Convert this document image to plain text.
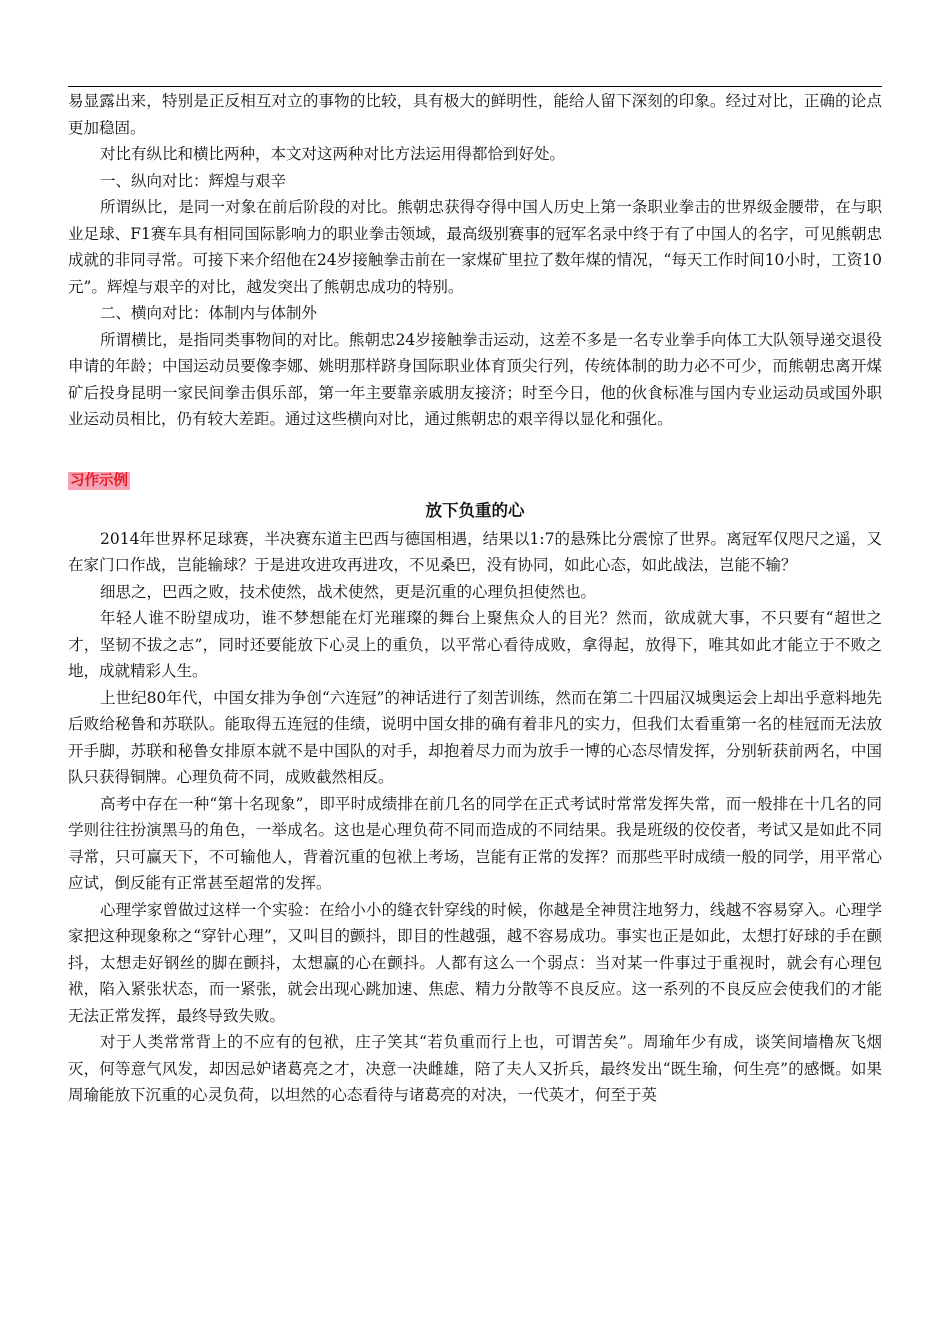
易显露出来，特别是正反相互对立的事物的比较，具有极大的鲜明性，能给人留下深刻的印象。经过对比，正确的论点更加稳固。

对比有纵比和横比两种，本文对这两种对比方法运用得都恰到好处。

一、纵向对比：辉煌与艰辛

所谓纵比，是同一对象在前后阶段的对比。熊朝忠获得夺得中国人历史上第一条职业拳击的世界级金腰带，在与职业足球、F1赛车具有相同国际影响力的职业拳击领域，最高级别赛事的冠军名录中终于有了中国人的名字，可见熊朝忠成就的非同寻常。可接下来介绍他在24岁接触拳击前在一家煤矿里拉了数年煤的情况，“每天工作时间10小时，工资10元”。辉煌与艰辛的对比，越发突出了熊朝忠成功的特别。

二、横向对比：体制内与体制外

所谓横比，是指同类事物间的对比。熊朝忠24岁接触拳击运动，这差不多是一名专业拳手向体工大队领导递交退役申请的年龄；中国运动员要像李娜、姚明那样跻身国际职业体育顶尖行列，传统体制的助力必不可少，而熊朝忠离开煤矿后投身昆明一家民间拳击俱乐部，第一年主要靠亲戚朋友接济；时至今日，他的伙食标准与国内专业运动员或国外职业运动员相比，仍有较大差距。通过这些横向对比，通过熊朝忠的艰辛得以显化和强化。

习作示例

放下负重的心

2014年世界杯足球赛，半决赛东道主巴西与德国相遇，结果以1:7的悬殊比分震惊了世界。离冠军仅咫尺之遥，又在家门口作战，岂能输球？于是进攻进攻再进攻，不见桑巴，没有协同，如此心态，如此战法，岂能不输？

细思之，巴西之败，技术使然，战术使然，更是沉重的心理负担使然也。

年轻人谁不盼望成功，谁不梦想能在灯光璀璨的舞台上聚焦众人的目光？然而，欲成就大事，不只要有“超世之才，坚韧不拔之志”，同时还要能放下心灵上的重负，以平常心看待成败，拿得起，放得下，唯其如此才能立于不败之地，成就精彩人生。

上世纪80年代，中国女排为争创“六连冠”的神话进行了刻苦训练，然而在第二十四届汉城奥运会上却出乎意料地先后败给秘鲁和苏联队。能取得五连冠的佳绩，说明中国女排的确有着非凡的实力，但我们太看重第一名的桂冠而无法放开手脚，苏联和秘鲁女排原本就不是中国队的对手，却抱着尽力而为放手一博的心态尽情发挥，分别斩获前两名，中国队只获得铜牌。心理负荷不同，成败截然相反。

高考中存在一种“第十名现象”，即平时成绩排在前几名的同学在正式考试时常常发挥失常，而一般排在十几名的同学则往往扮演黑马的角色，一举成名。这也是心理负荷不同而造成的不同结果。我是班级的佼佼者，考试又是如此不同寻常，只可赢天下，不可输他人，背着沉重的包袱上考场，岂能有正常的发挥？而那些平时成绩一般的同学，用平常心应试，倒反能有正常甚至超常的发挥。

心理学家曾做过这样一个实验：在给小小的缝衣针穿线的时候，你越是全神贯注地努力，线越不容易穿入。心理学家把这种现象称之“穿针心理”，又叫目的颤抖，即目的性越强，越不容易成功。事实也正是如此，太想打好球的手在颤抖，太想走好钢丝的脚在颤抖，太想赢的心在颤抖。人都有这么一个弱点：当对某一件事过于重视时，就会有心理包袱，陷入紧张状态，而一紧张，就会出现心跳加速、焦虑、精力分散等不良反应。这一系列的不良反应会使我们的才能无法正常发挥，最终导致失败。

对于人类常常背上的不应有的包袱，庄子笑其“若负重而行上也，可谓苦矣”。周瑜年少有成，谈笑间墙橹灰飞烟灭，何等意气风发，却因忌妒诸葛亮之才，决意一决雌雄，陪了夫人又折兵，最终发出“既生瑜，何生亮”的感慨。如果周瑜能放下沉重的心灵负荷，以坦然的心态看待与诸葛亮的对决，一代英才，何至于英
